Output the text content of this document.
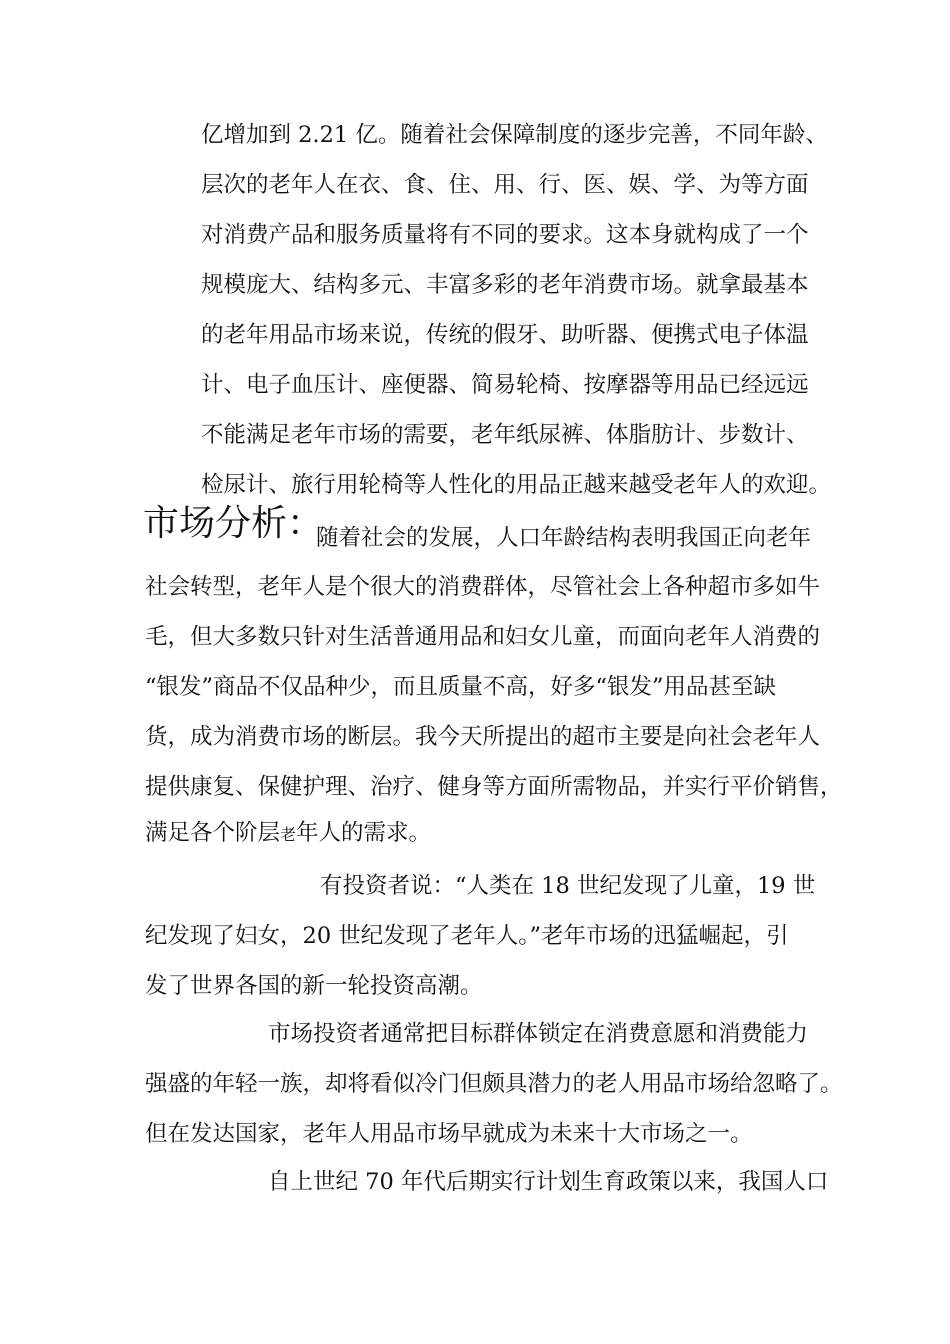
亿增加到 2.21 亿。随着社会保障制度的逐步完善，不同年龄、
层次的老年人在衣、食、住、用、行、医、娱、学、为等方面
对消费产品和服务质量将有不同的要求。这本身就构成了一个
规模庞大、结构多元、丰富多彩的老年消费市场。就拿最基本
的老年用品市场来说，传统的假牙、助听器、便携式电子体温
计、电子血压计、座便器、简易轮椅、按摩器等用品已经远远
不能满足老年市场的需要，老年纸尿裤、体脂肪计、步数计、
检尿计、旅行用轮椅等人性化的用品正越来越受老年人的欢迎。
市场分析：
随着社会的发展，人口年龄结构表明我国正向老年
社会转型，老年人是个很大的消费群体，尽管社会上各种超市多如牛
毛，但大多数只针对生活普通用品和妇女儿童，而面向老年人消费的
“银发”商品不仅品种少，而且质量不高，好多“银发”用品甚至缺
货，成为消费市场的断层。我今天所提出的超市主要是向社会老年人
提供康复、保健护理、治疗、健身等方面所需物品，并实行平价销售，
满足各个阶层老年人的需求。
有投资者说：“人类在 18 世纪发现了儿童，19 世
纪发现了妇女，20 世纪发现了老年人。”老年市场的迅猛崛起，引
发了世界各国的新一轮投资高潮。
市场投资者通常把目标群体锁定在消费意愿和消费能力
强盛的年轻一族，却将看似冷门但颇具潜力的老人用品市场给忽略了。
但在发达国家，老年人用品市场早就成为未来十大市场之一。
自上世纪 70 年代后期实行计划生育政策以来，我国人口
